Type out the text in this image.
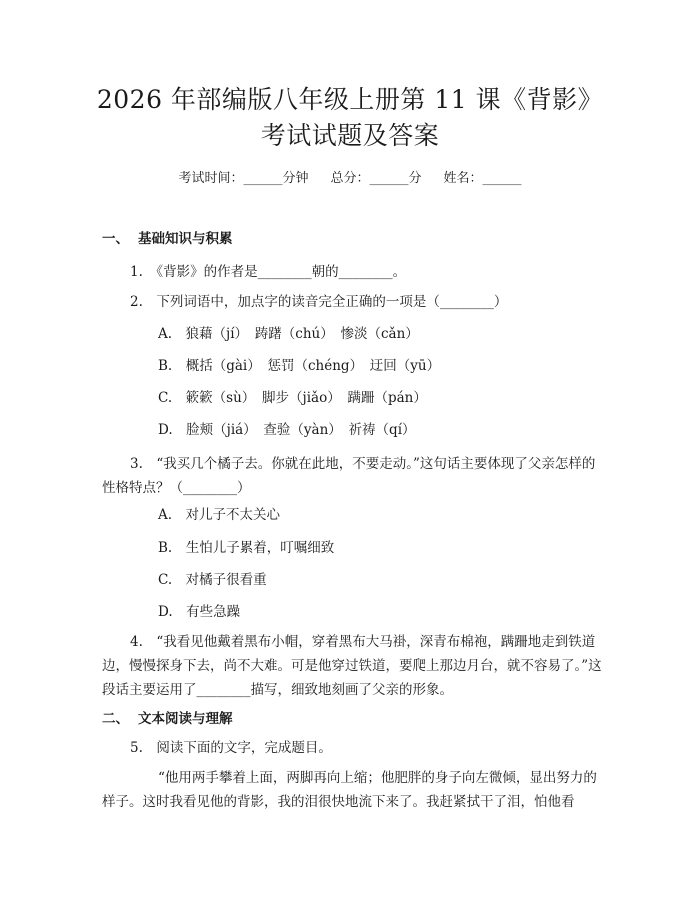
2026 年部编版八年级上册第 11 课《背影》
考试试题及答案
考试时间：______分钟 总分：______分 姓名：______
一、 基础知识与积累
1.　《背影》的作者是________朝的________。
2.　下列词语中，加点字的读音完全正确的一项是（________）
A.　狼藉（jí）　踌躇（chú）　惨淡（cǎn）
B.　概括（gài）　惩罚（chéng）　迂回（yū）
C.　簌簌（sù）　脚步（jiǎo）　蹒跚（pán）
D.　脸颊（jiá）　查验（yàn）　祈祷（qí）
3.　“我买几个橘子去。你就在此地，不要走动。”这句话主要体现了父亲怎样的性格特点？（________）
A.　对儿子不太关心
B.　生怕儿子累着，叮嘱细致
C.　对橘子很看重
D.　有些急躁
4.　“我看见他戴着黑布小帽，穿着黑布大马褂，深青布棉袍，蹒跚地走到铁道边，慢慢探身下去，尚不大难。可是他穿过铁道，要爬上那边月台，就不容易了。”这段话主要运用了________描写，细致地刻画了父亲的形象。
二、 文本阅读与理解
5.　阅读下面的文字，完成题目。
“他用两手攀着上面，两脚再向上缩；他肥胖的身子向左微倾，显出努力的样子。这时我看见他的背影，我的泪很快地流下来了。我赶紧拭干了泪，怕他看
